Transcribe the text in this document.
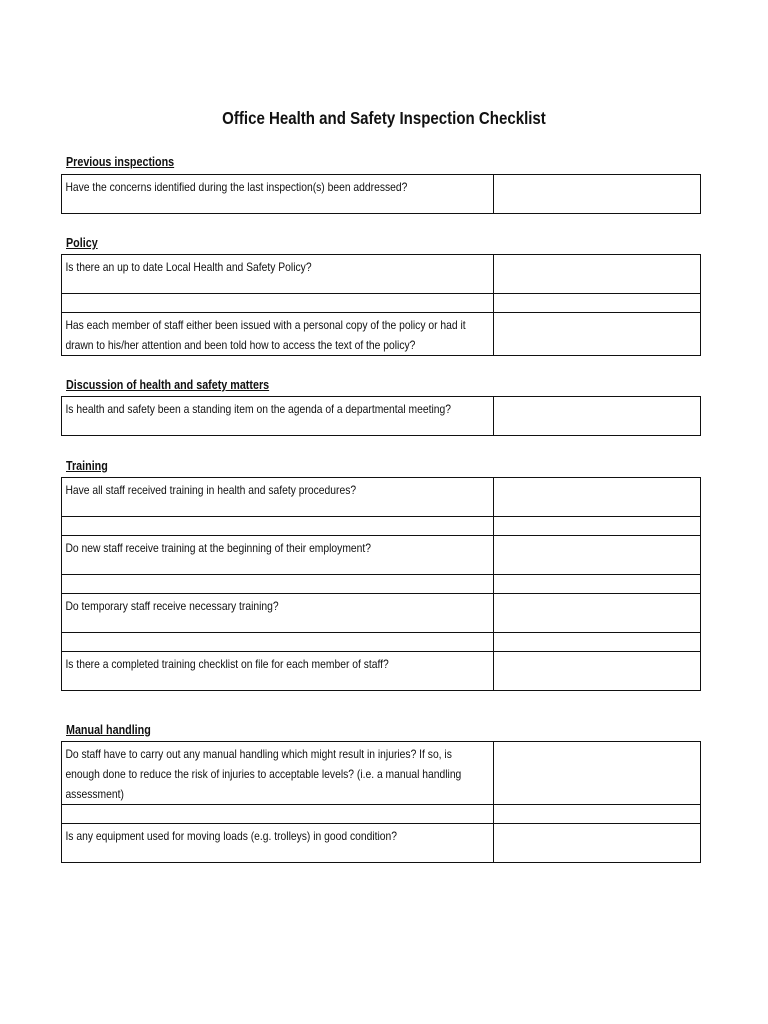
Office Health and Safety Inspection Checklist
Previous inspections
Have the concerns identified during the last inspection(s) been addressed?

Policy
Is there an up to date Local Health and Safety Policy?	

Has each member of staff either been issued with a personal copy of the policy or had it drawn to his/her attention and been told how to access the text of the policy?	

Discussion of health and safety matters
Is health and safety been a standing item on the agenda of a departmental meeting?

Training
Have all staff received training in health and safety procedures?	

Do new staff receive training at the beginning of their employment?	

Do temporary staff receive necessary training?	

Is there a completed training checklist on file for each member of staff?	

Manual handling
Do staff have to carry out any manual handling which might result in injuries? If so, is enough done to reduce the risk of injuries to acceptable levels? (i.e. a manual handling assessment)	

Is any equipment used for moving loads (e.g. trolleys) in good condition?	
